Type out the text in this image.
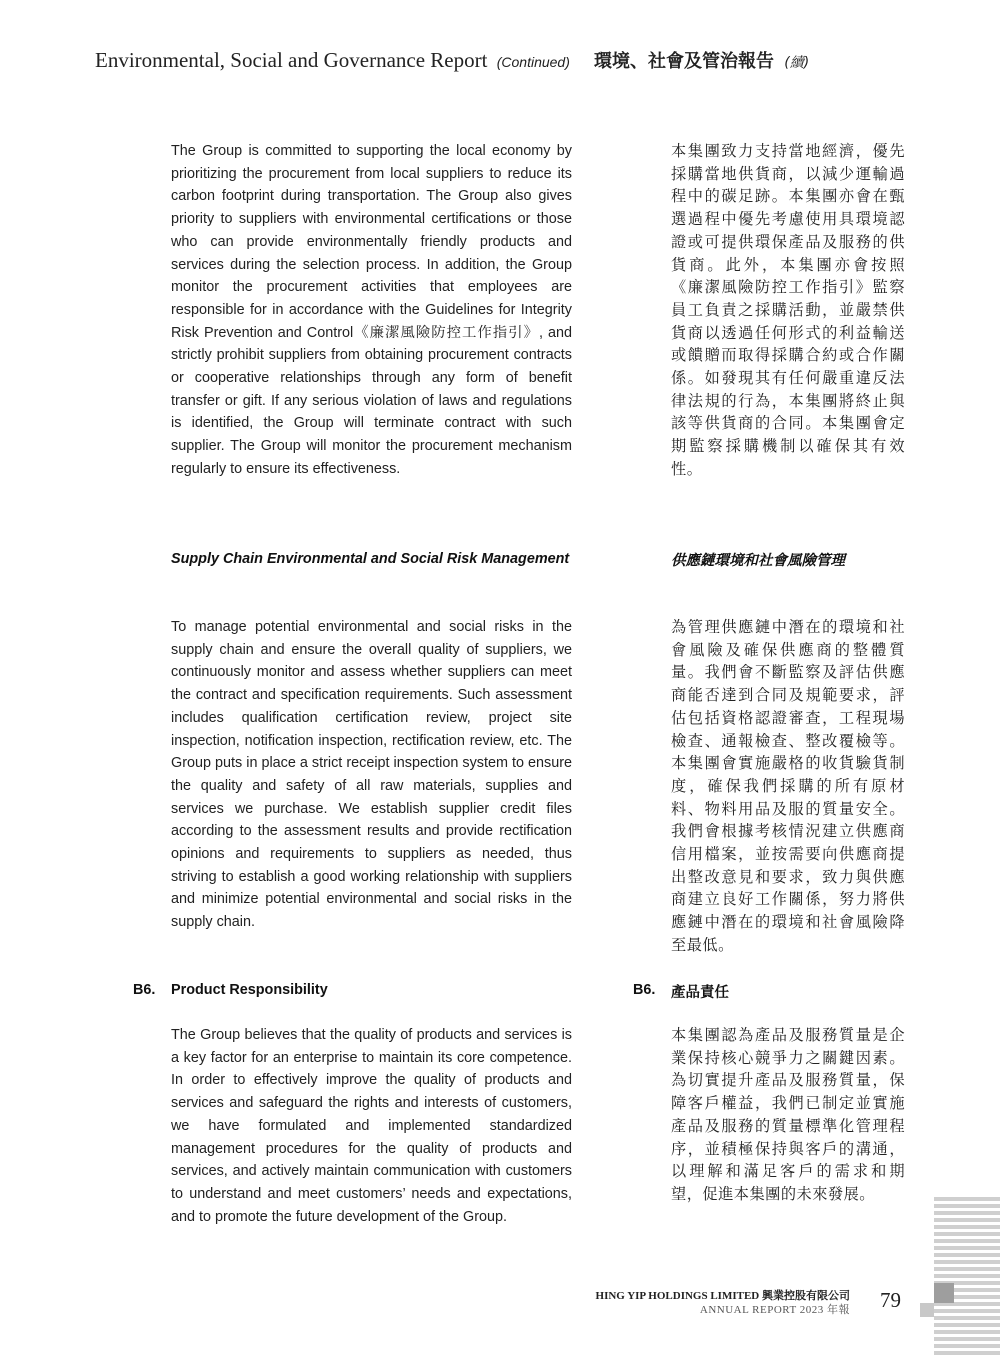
Environmental, Social and Governance Report (Continued) 環境、社會及管治報告 (續)
The Group is committed to supporting the local economy by prioritizing the procurement from local suppliers to reduce its carbon footprint during transportation. The Group also gives priority to suppliers with environmental certifications or those who can provide environmentally friendly products and services during the selection process. In addition, the Group monitor the procurement activities that employees are responsible for in accordance with the Guidelines for Integrity Risk Prevention and Control《廉潔風險防控工作指引》, and strictly prohibit suppliers from obtaining procurement contracts or cooperative relationships through any form of benefit transfer or gift. If any serious violation of laws and regulations is identified, the Group will terminate contract with such supplier. The Group will monitor the procurement mechanism regularly to ensure its effectiveness.
本集團致力支持當地經濟，優先採購當地供貨商，以減少運輸過程中的碳足跡。本集團亦會在甄選過程中優先考慮使用具環境認證或可提供環保產品及服務的供貨商。此外，本集團亦會按照《廉潔風險防控工作指引》監察員工負責之採購活動，並嚴禁供貨商以透過任何形式的利益輸送或饋贈而取得採購合約或合作關係。如發現其有任何嚴重違反法律法規的行為，本集團將終止與該等供貨商的合同。本集團會定期監察採購機制以確保其有效性。
Supply Chain Environmental and Social Risk Management	供應鏈環境和社會風險管理
To manage potential environmental and social risks in the supply chain and ensure the overall quality of suppliers, we continuously monitor and assess whether suppliers can meet the contract and specification requirements. Such assessment includes qualification certification review, project site inspection, notification inspection, rectification review, etc. The Group puts in place a strict receipt inspection system to ensure the quality and safety of all raw materials, supplies and services we purchase. We establish supplier credit files according to the assessment results and provide rectification opinions and requirements to suppliers as needed, thus striving to establish a good working relationship with suppliers and minimize potential environmental and social risks in the supply chain.
為管理供應鏈中潛在的環境和社會風險及確保供應商的整體質量。我們會不斷監察及評估供應商能否達到合同及規範要求，評估包括資格認證審查，工程現場檢查、通報檢查、整改覆檢等。本集團會實施嚴格的收貨驗貨制度，確保我們採購的所有原材料、物料用品及服的質量安全。我們會根據考核情況建立供應商信用檔案，並按需要向供應商提出整改意見和要求，致力與供應商建立良好工作關係，努力將供應鏈中潛在的環境和社會風險降至最低。
B6. Product Responsibility	B6. 產品責任
The Group believes that the quality of products and services is a key factor for an enterprise to maintain its core competence. In order to effectively improve the quality of products and services and safeguard the rights and interests of customers, we have formulated and implemented standardized management procedures for the quality of products and services, and actively maintain communication with customers to understand and meet customers’ needs and expectations, and to promote the future development of the Group.
本集團認為產品及服務質量是企業保持核心競爭力之關鍵因素。為切實提升產品及服務質量，保障客戶權益，我們已制定並實施產品及服務的質量標準化管理程序，並積極保持與客戶的溝通，以理解和滿足客戶的需求和期望，促進本集團的未來發展。
HING YIP HOLDINGS LIMITED 興業控股有限公司
ANNUAL REPORT 2023 年報 79
